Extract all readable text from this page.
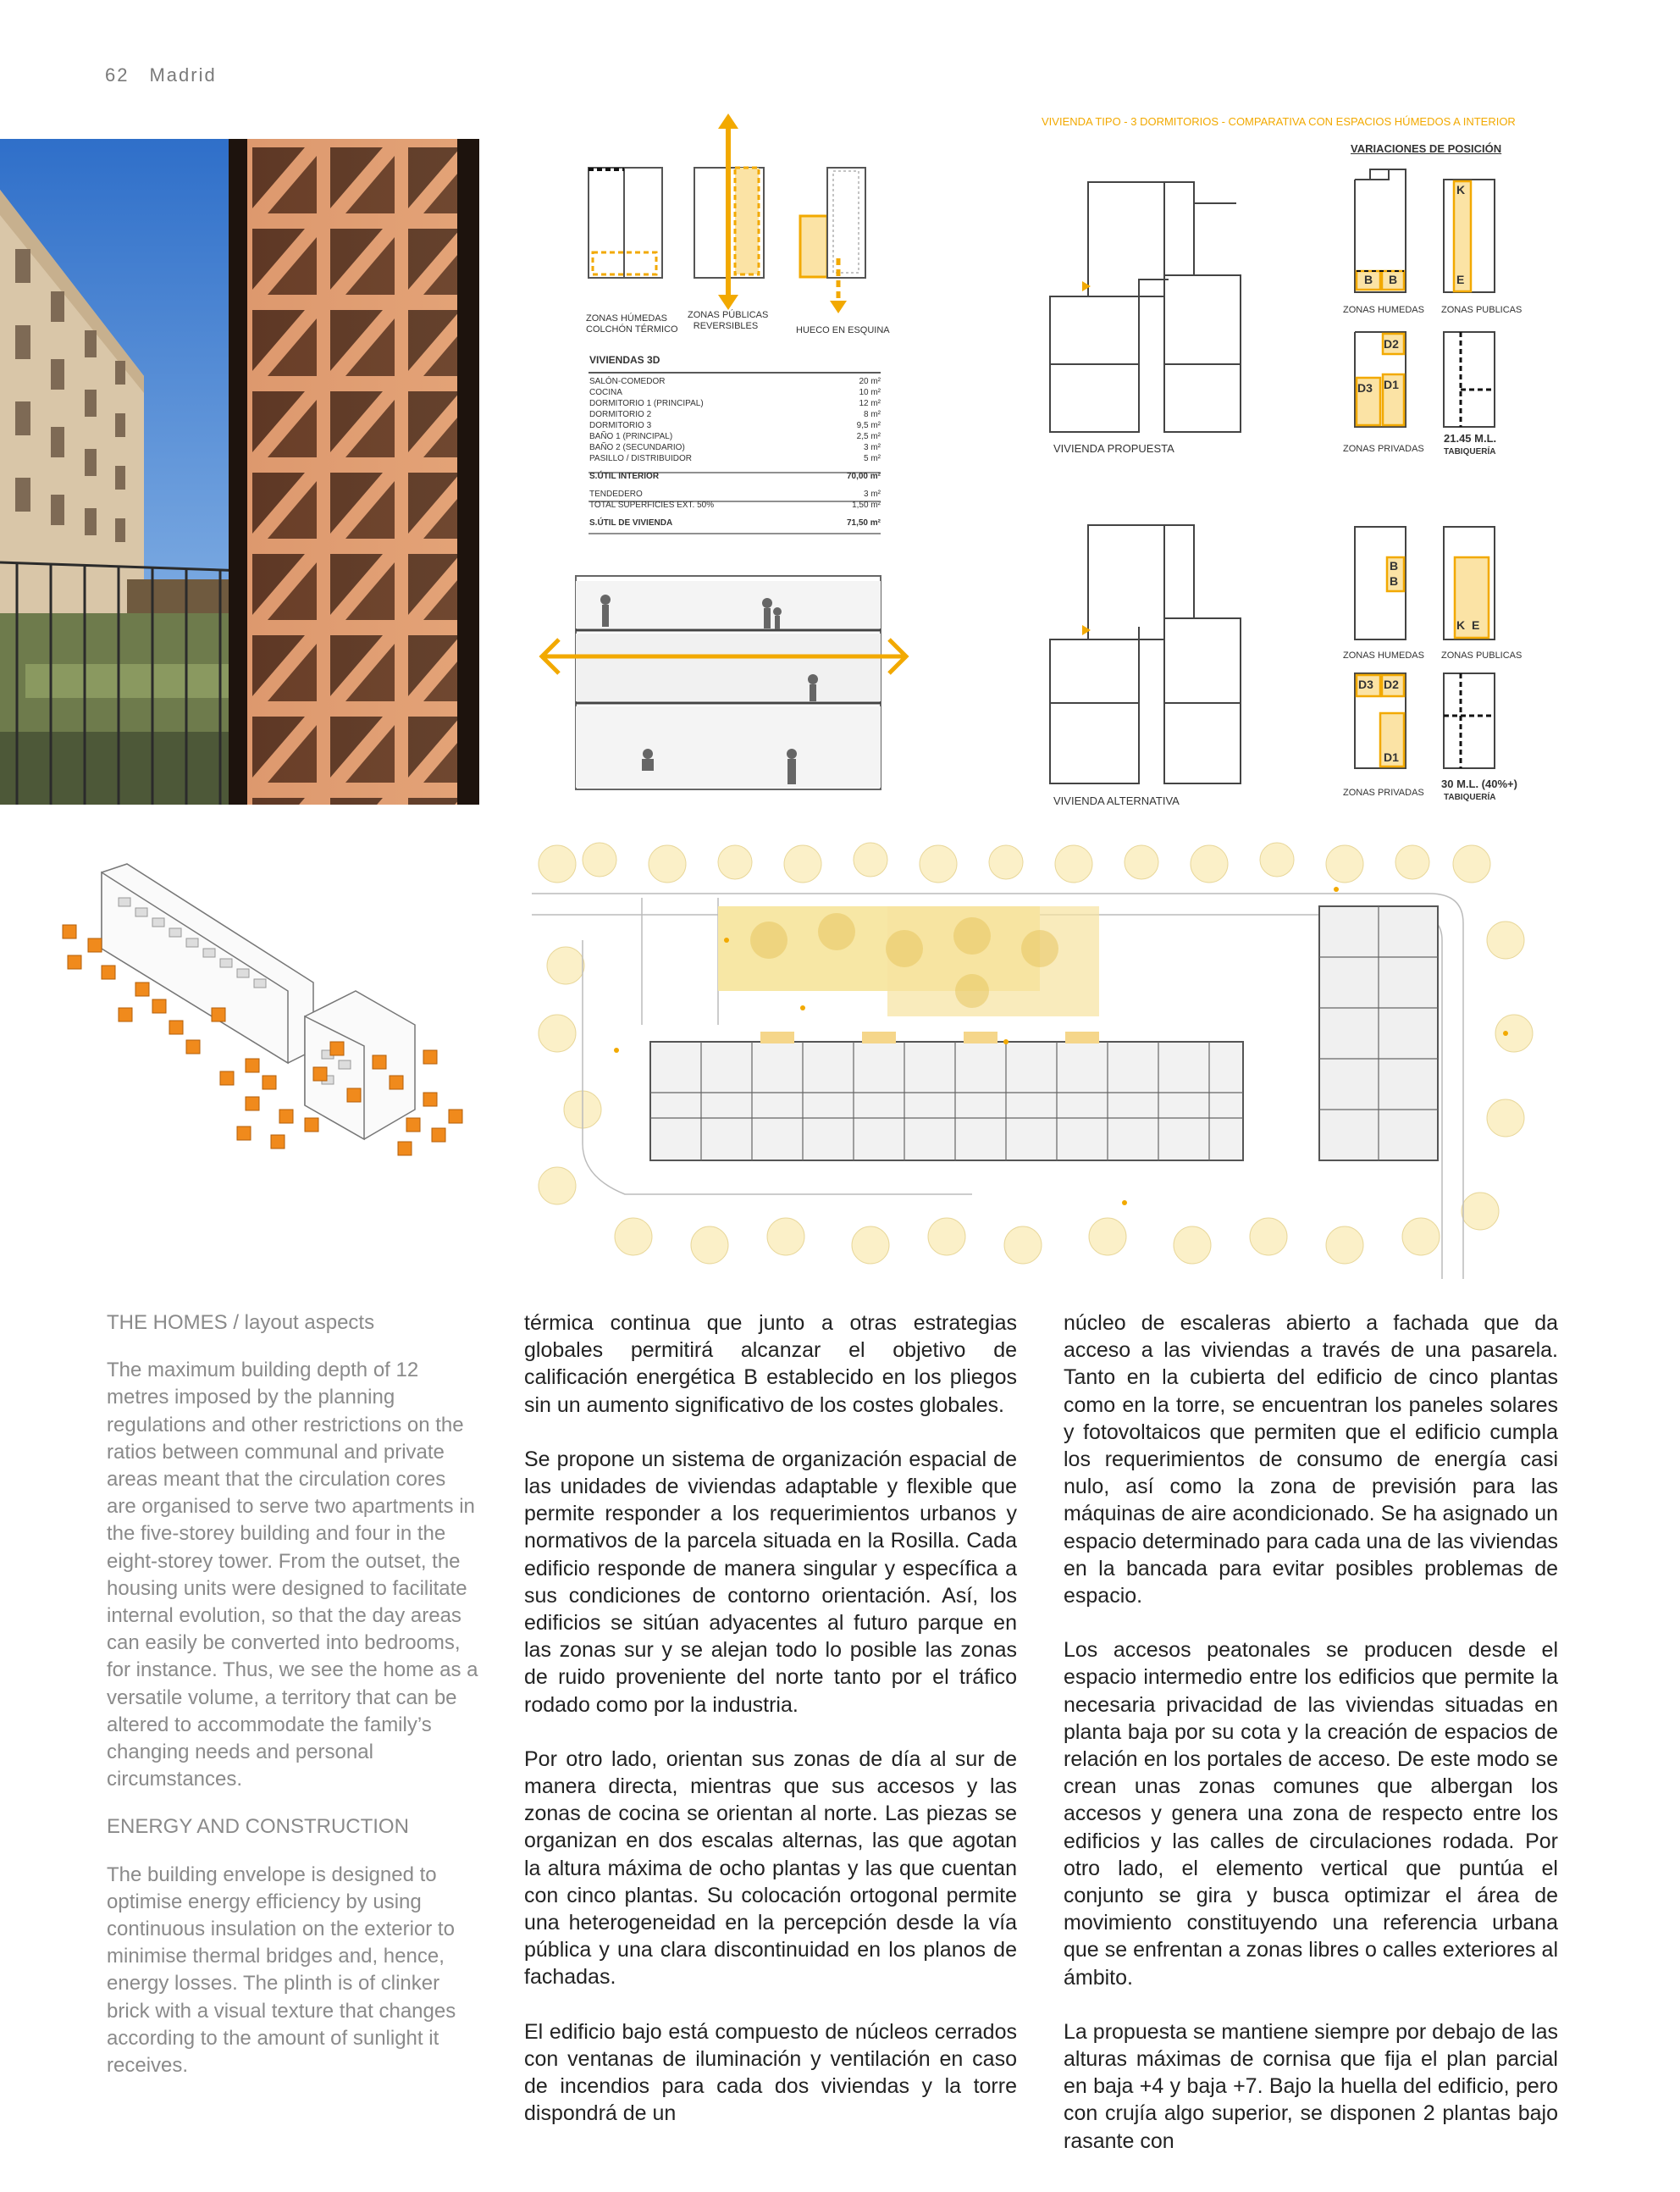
62 Madrid
ZONAS HÚMEDAS
COLCHÓN TÉRMICO
ZONAS PÚBLICAS
REVERSIBLES	HUECO EN ESQUINA
VIVIENDAS 3D
SALÓN-COMEDOR	20 m²
COCINA	10 m²
DORMITORIO 1 (PRINCIPAL)	12 m²
DORMITORIO 2	8 m²
DORMITORIO 3	9,5 m²
BAÑO 1 (PRINCIPAL)	2,5 m²
BAÑO 2 (SECUNDARIO)	3 m²
PASILLO / DISTRIBUIDOR	5 m²
S.ÚTIL INTERIOR	70,00 m²
TENDEDERO	3 m²
TOTAL SUPERFICIES EXT. 50%	1,50 m²
S.ÚTIL DE VIVIENDA	71,50 m²
VIVIENDA TIPO - 3 DORMITORIOS - COMPARATIVA CON ESPACIOS HÚMEDOS A INTERIOR
VARIACIONES DE POSICIÓN
B B
K
E
ZONAS HUMEDAS ZONAS PUBLICAS
D2
D1
D3
VIVIENDA PROPUESTA	ZONAS PRIVADAS
21.45 M.L.
TABIQUERÍA
B
B
K E
ZONAS HUMEDAS ZONAS PUBLICAS
D3 D2
D1
30 M.L. (40%+)
ZONAS PRIVADAS TABIQUERÍA
VIVIENDA ALTERNATIVA

THE HOMES / layout aspects

The maximum building depth of 12 metres imposed by the planning regulations and other restrictions on the ratios between communal and private areas meant that the circulation cores are organised to serve two apartments in the five-storey building and four in the eight-storey tower. From the outset, the housing units were designed to facilitate internal evolution, so that the day areas can easily be converted into bedrooms, for instance. Thus, we see the home as a versatile volume, a territory that can be altered to accommodate the family’s changing needs and personal circumstances.

ENERGY AND CONSTRUCTION

The building envelope is designed to optimise energy efficiency by using continuous insulation on the exterior to minimise thermal bridges and, hence, energy losses. The plinth is of clinker brick with a visual texture that changes according to the amount of sunlight it receives.

térmica continua que junto a otras estrategias globales permitirá alcanzar el objetivo de calificación energética B establecido en los pliegos sin un aumento significativo de los costes globales.

Se propone un sistema de organización espacial de las unidades de viviendas adaptable y flexible que permite responder a los requerimientos urbanos y normativos de la parcela situada en la Rosilla. Cada edificio responde de manera singular y específica a sus condiciones de contorno orientación. Así, los edificios se sitúan adyacentes al futuro parque en las zonas sur y se alejan todo lo posible las zonas de ruido proveniente del norte tanto por el tráfico rodado como por la industria.

Por otro lado, orientan sus zonas de día al sur de manera directa, mientras que sus accesos y las zonas de cocina se orientan al norte. Las piezas se organizan en dos escalas alternas, las que agotan la altura máxima de ocho plantas y las que cuentan con cinco plantas. Su colocación ortogonal permite una heterogeneidad en la percepción desde la vía pública y una clara discontinuidad en los planos de fachadas.

El edificio bajo está compuesto de núcleos cerrados con ventanas de iluminación y ventilación en caso de incendios para cada dos viviendas y la torre dispondrá de un

núcleo de escaleras abierto a fachada que da acceso a las viviendas a través de una pasarela. Tanto en la cubierta del edificio de cinco plantas como en la torre, se encuentran los paneles solares y fotovoltaicos que permiten que el edificio cumpla los requerimientos de consumo de energía casi nulo, así como la zona de previsión para las máquinas de aire acondicionado. Se ha asignado un espacio determinado para cada una de las viviendas en la bancada para evitar posibles problemas de espacio.

Los accesos peatonales se producen desde el espacio intermedio entre los edificios que permite la necesaria privacidad de las viviendas situadas en planta baja por su cota y la creación de espacios de relación en los portales de acceso. De este modo se crean unas zonas comunes que albergan los accesos y genera una zona de respecto entre los edificios y las calles de circulaciones rodada. Por otro lado, el elemento vertical que puntúa el conjunto se gira y busca optimizar el área de movimiento constituyendo una referencia urbana que se enfrentan a zonas libres o calles exteriores al ámbito.

La propuesta se mantiene siempre por debajo de las alturas máximas de cornisa que fija el plan parcial en baja +4 y baja +7. Bajo la huella del edificio, pero con crujía algo superior, se disponen 2 plantas bajo rasante con
